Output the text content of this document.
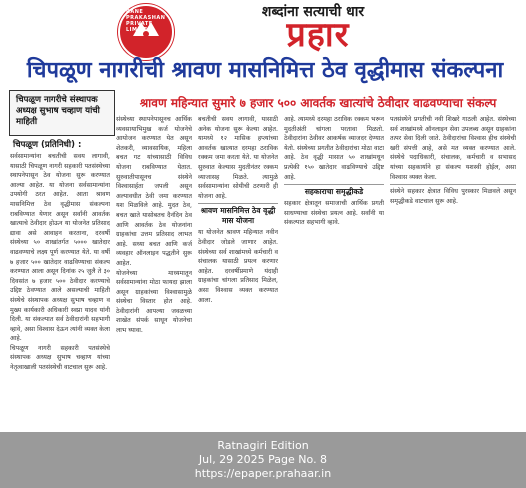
RANE PRAKASHAN PRIVATE LIMITED
शब्दांना सत्याची धार
प्रहार
चिपळूण नागरीची श्रावण मासनिमित्त ठेव वृद्धीमास संकल्पना
चिपळूण नागरीचे संस्थापक अध्यक्ष सुभाष चव्हाण यांची माहिती
श्रावण महिन्यात सुमारे ७ हजार ५०० आवर्तक खात्यांचे ठेवीदार वाढवण्याचा संकल्प
चिपळूण (प्रतिनिधी) :

सर्वसामान्यांना बचतीची सवय लागावी, यासाठी चिपळूण नागरी सहकारी पतसंस्थेच्या स्थापनेपासून ठेव योजना सुरू करण्यात आल्या आहेत. या योजना सर्वसामान्यांना उपयोगी ठरत आहेत. आता श्रावण मासनिमित्त ठेव वृद्धीमास संकल्पना राबविण्यात येणार असून सर्वांनी आवर्तक खात्याचे ठेवीदार होऊन या योजनेत प्रतिसाद द्यावा असे आवाहन करताना, दरवर्षी संस्थेच्या ५० शाखांतर्गत ५००० खातेदार वाढवण्याचे लक्ष्य पूर्ण करण्यात येते. या वर्षी ७ हजार ५०० खातेदार वाढविण्याचा संकल्प करण्यात आला असून दिनांक २५ जुलै ते ३० दिवसांत ७ हजार ५०० ठेवीदार करण्याचे उद्दिष्ट ठेवण्यात आले असल्याची माहिती संस्थेचे संस्थापक अध्यक्ष सुभाष चव्हाण व मुख्य कार्यकारी अधिकारी स्वप्ना यादव यांनी दिली. या संकल्पात सर्व ठेवीदारांनी सहभागी व्हावे, असा विश्वास देऊन त्यांनी व्यक्त केला आहे.

चिपळूण नागरी सहकारी पतसंस्थेचे संस्थापक अध्यक्ष सुभाष चव्हाण यांच्या नेतृत्वाखाली पतसंस्थेची वाटचाल सुरू आहे.

संस्थेच्या स्थापनेपासूनच आर्थिक व्यवसायाभिमुख कर्ज योजनेचे आयोजन करण्यात येत असून शेतकरी, व्यावसायिक, महिला बचत गट यांच्यासाठी विविध योजना राबविण्यात येतात. सुरुवातीपासूनच संस्थेने विश्वासार्हता जपली असून अल्पावधीत ठेवी जमा करण्यात यश मिळविले आहे. मुदत ठेव, बचत खाते यासोबतच दैनंदिन ठेव आणि आवर्तक ठेव योजनांना ग्राहकांचा उत्तम प्रतिसाद लाभत आहे. सध्या बचत आणि कर्ज व्यवहार ऑनलाइन पद्धतीने सुरू आहेत.

योजनेच्या माध्यमातून सर्वसामान्यांना मोठा फायदा झाला असून ग्राहकांच्या विश्वासामुळे संस्थेचा विस्तार होत आहे. ठेवीदारांनी आपल्या जवळच्या शाखेत संपर्क साधून योजनेचा लाभ घ्यावा.

बचतीची सवय लागावी, यासाठी अनेक योजना सुरू केल्या आहेत. यामध्ये १२ मासिक हप्त्यांच्या आवर्तक खात्यात दरमहा ठराविक रक्कम जमा करता येते. या योजनेत सुरुवात केल्यास मुदतीनंतर रक्कम व्याजासह मिळते. त्यामुळे सर्वसामान्यांना सोयीची ठरणारी ही योजना आहे.

श्रावण मासनिमित्त ठेव वृद्धी मास योजना

या योजनेत श्रावण महिन्यात नवीन ठेवीदार जोडले जाणार आहेत. संस्थेच्या सर्व शाखांमध्ये कर्मचारी व संचालक यासाठी प्रयत्न करणार आहेत. दरवर्षीप्रमाणे यंदाही ग्राहकांचा चांगला प्रतिसाद मिळेल, असा विश्वास व्यक्त करण्यात आला.

आहे. त्यामध्ये दरमहा ठराविक रक्कम भरून मुदतीअंती चांगला परतावा मिळतो. ठेवीदारांना ठेवीवर आकर्षक व्याजदर देण्यात येतो. संस्थेच्या प्रगतीत ठेवीदारांचा मोठा वाटा आहे. ठेव वृद्धी मासात ५० शाखांमधून प्रत्येकी १५० खातेदार वाढविण्याचे उद्दिष्ट आहे.

सहकाराचा समृद्धीकडे

सहकार क्षेत्रातून समाजाची आर्थिक प्रगती साधण्याचा संस्थेचा प्रयत्न आहे. सर्वांनी या संकल्पात सहभागी व्हावे.

पतसंस्थेने प्रगतीची नवी शिखरे गाठली आहेत. संस्थेच्या सर्व शाखांमध्ये ऑनलाइन सेवा उपलब्ध असून ग्राहकांना तत्पर सेवा दिली जाते. ठेवीदारांचा विश्वास हीच संस्थेची खरी संपत्ती आहे, असे मत व्यक्त करण्यात आले. संस्थेचे पदाधिकारी, संचालक, कर्मचारी व सभासद यांच्या सहकार्याने हा संकल्प यशस्वी होईल, असा विश्वास व्यक्त केला.

संस्थेने सहकार क्षेत्रात विविध पुरस्कार मिळवले असून समृद्धीकडे वाटचाल सुरू आहे.

Ratnagiri Edition
Jul, 29 2025 Page No. 8
https://epaper.prahaar.in
